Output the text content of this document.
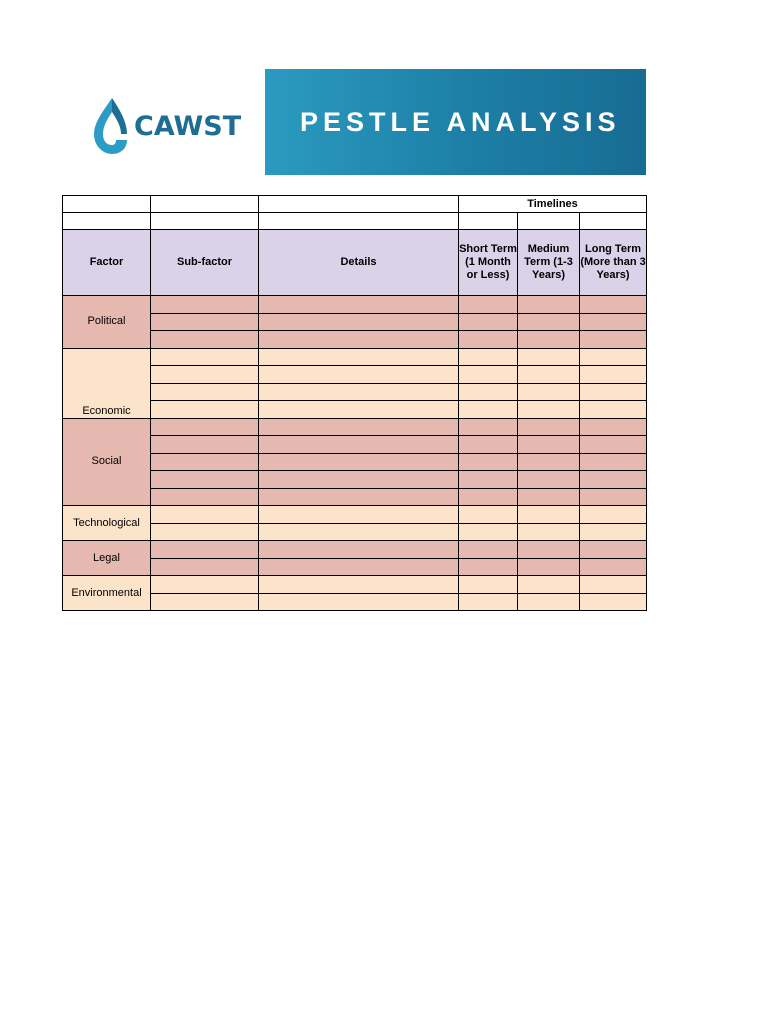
CAWST PESTLE ANALYSIS
			Timelines		

Factor	Sub-factor	Details	Short Term (1 Month or Less)	Medium Term (1-3 Years)	Long Term (More than 3 Years)
Political					

Economic					

Social					

Technological					

Legal					

Environmental					
